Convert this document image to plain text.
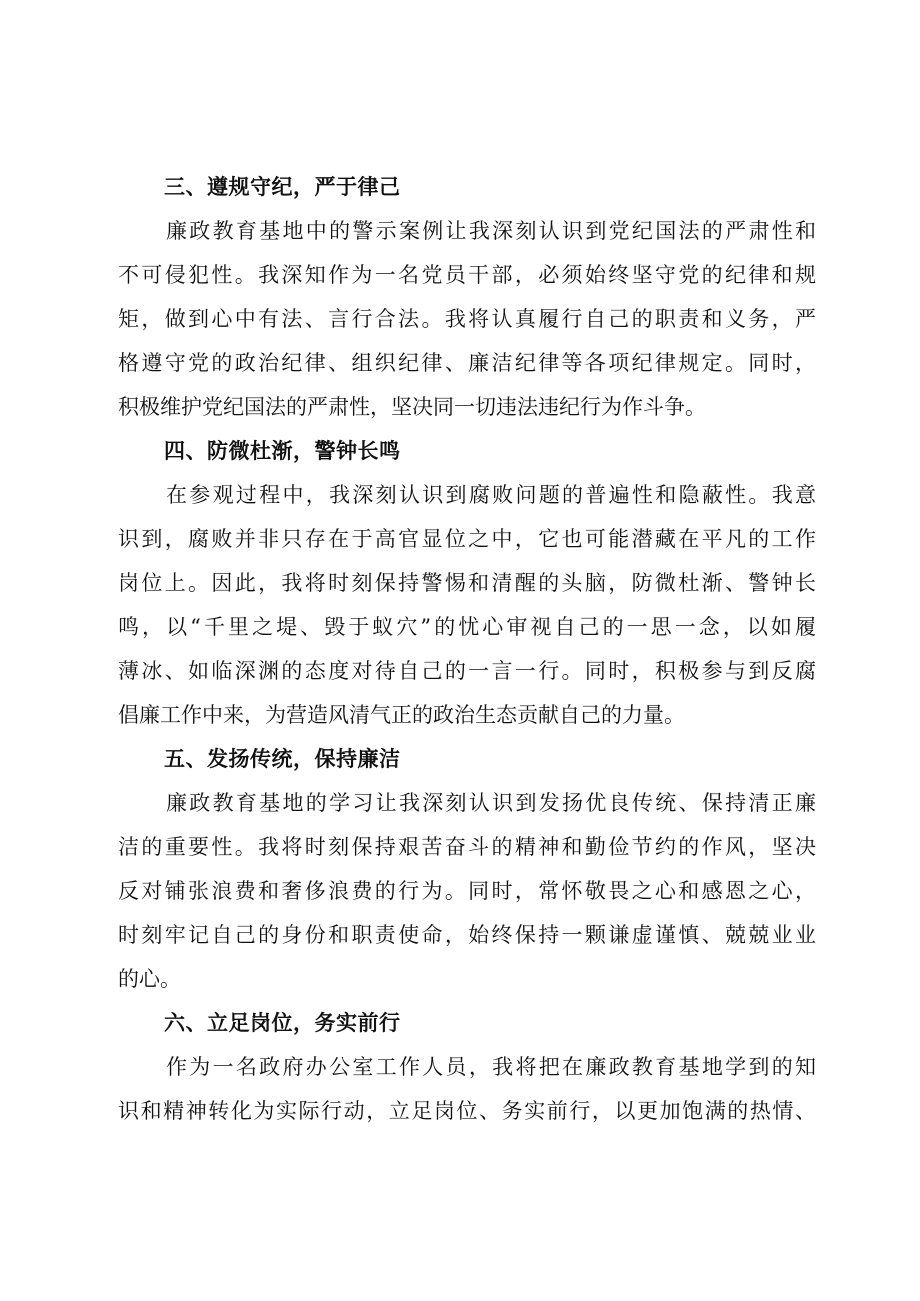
三、遵规守纪，严于律己
廉政教育基地中的警示案例让我深刻认识到党纪国法的严肃性和
不可侵犯性。我深知作为一名党员干部，必须始终坚守党的纪律和规
矩，做到心中有法、言行合法。我将认真履行自己的职责和义务，严
格遵守党的政治纪律、组织纪律、廉洁纪律等各项纪律规定。同时，
积极维护党纪国法的严肃性，坚决同一切违法违纪行为作斗争。
四、防微杜渐，警钟长鸣
在参观过程中，我深刻认识到腐败问题的普遍性和隐蔽性。我意
识到，腐败并非只存在于高官显位之中，它也可能潜藏在平凡的工作
岗位上。因此，我将时刻保持警惕和清醒的头脑，防微杜渐、警钟长
鸣，以“千里之堤、毁于蚁穴”的忧心审视自己的一思一念，以如履
薄冰、如临深渊的态度对待自己的一言一行。同时，积极参与到反腐
倡廉工作中来，为营造风清气正的政治生态贡献自己的力量。
五、发扬传统，保持廉洁
廉政教育基地的学习让我深刻认识到发扬优良传统、保持清正廉
洁的重要性。我将时刻保持艰苦奋斗的精神和勤俭节约的作风，坚决
反对铺张浪费和奢侈浪费的行为。同时，常怀敬畏之心和感恩之心，
时刻牢记自己的身份和职责使命，始终保持一颗谦虚谨慎、兢兢业业
的心。
六、立足岗位，务实前行
作为一名政府办公室工作人员，我将把在廉政教育基地学到的知
识和精神转化为实际行动，立足岗位、务实前行，以更加饱满的热情、
